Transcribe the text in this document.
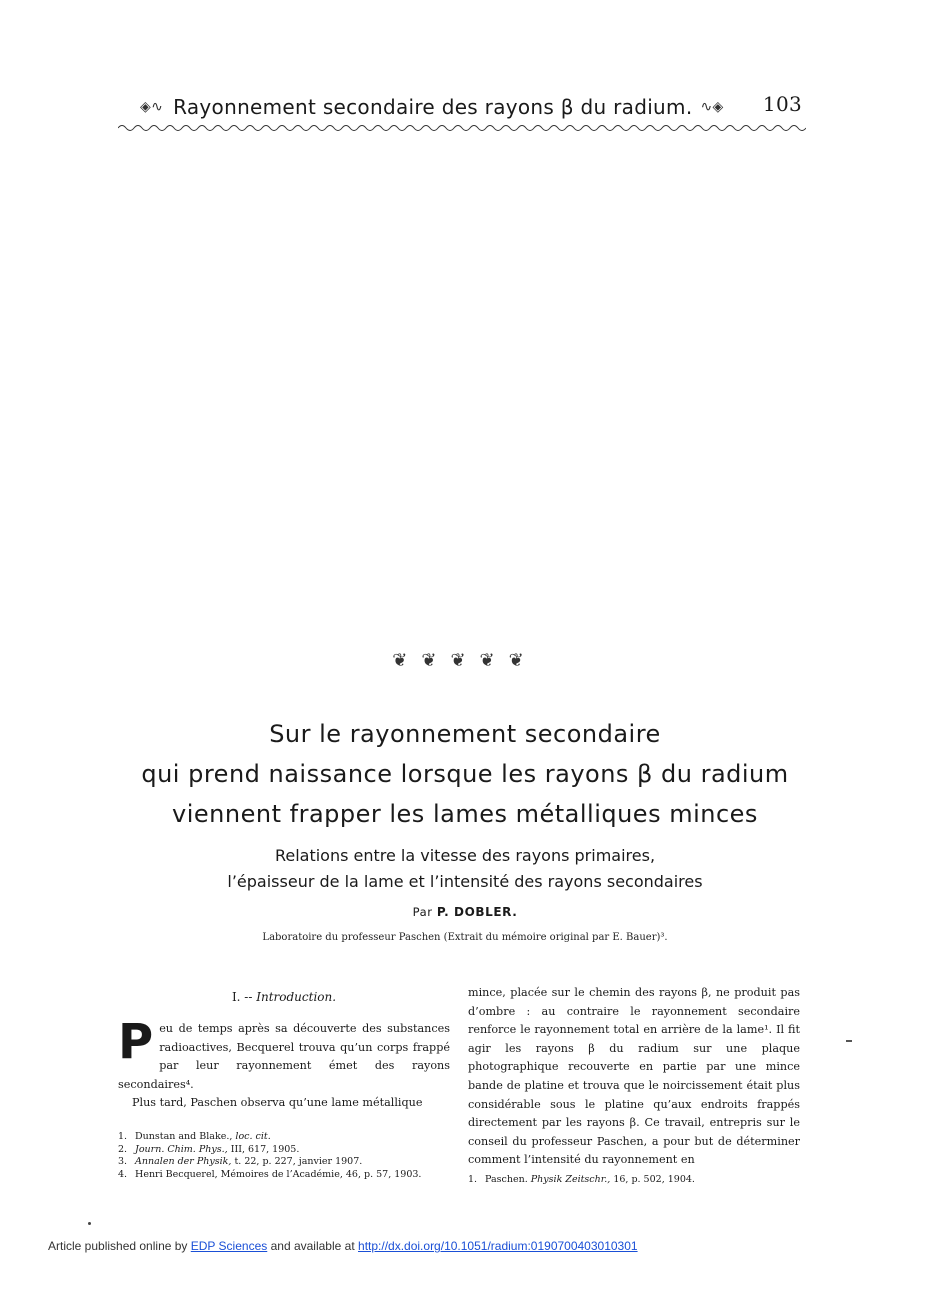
◈∿ Rayonnement secondaire des rayons β du radium. ∿◈ 103
❦❦❦❦❦
Sur le rayonnement secondaire
qui prend naissance lorsque les rayons β du radium
viennent frapper les lames métalliques minces
Relations entre la vitesse des rayons primaires,
l’épaisseur de la lame et l’intensité des rayons secondaires
Par P. DOBLER.
Laboratoire du professeur Paschen (Extrait du mémoire original par E. Bauer)³.
I. -- Introduction.

Peu de temps après sa découverte des substances radioactives, Becquerel trouva qu’un corps frappé par leur rayonnement émet des rayons secondaires⁴.

Plus tard, Paschen observa qu’une lame métallique

mince, placée sur le chemin des rayons β, ne produit pas d’ombre : au contraire le rayonnement secondaire renforce le rayonnement total en arrière de la lame¹. Il fit agir les rayons β du radium sur une plaque photographique recouverte en partie par une mince bande de platine et trouva que le noircissement était plus considérable sous le platine qu’aux endroits frappés directement par les rayons β. Ce travail, entrepris sur le conseil du professeur Paschen, a pour but de déterminer comment l’intensité du rayonnement en
1. Dunstan and Blake., loc. cit.
2. Journ. Chim. Phys., III, 617, 1905.
3. Annalen der Physik, t. 22, p. 227, janvier 1907.
4. Henri Becquerel, Mémoires de l’Académie, 46, p. 57, 1903.	1. Paschen. Physik Zeitschr., 16, p. 502, 1904.
Article published online by EDP Sciences and available at http://dx.doi.org/10.1051/radium:0190700403010301
